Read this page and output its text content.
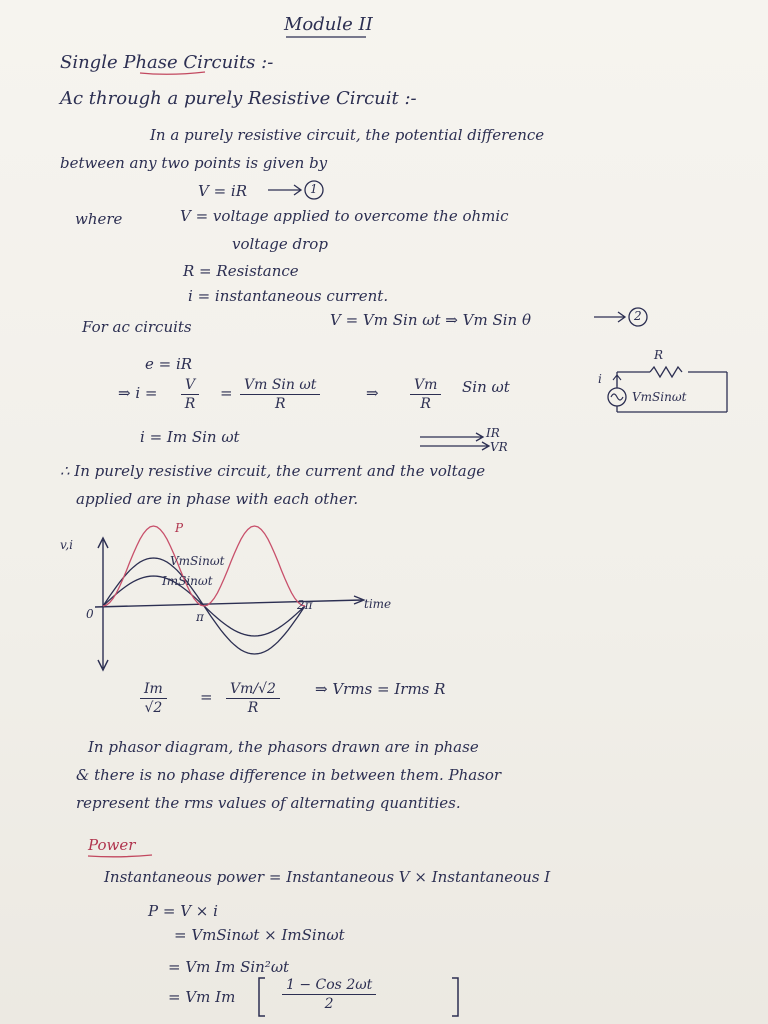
Module II
Single Phase Circuits :-
Ac through a purely Resistive Circuit :-
In a purely resistive circuit, the potential difference
between any two points is given by
V = iR	1
where	V = voltage applied to overcome the ohmic
voltage drop
R = Resistance
i = instantaneous current.
For ac circuits	V = Vm Sin ωt ⇒ Vm Sin θ	2
e = iR
⇒ $i = \frac{V}{R} = Vm$ Sin ωt
R
⇒ $\frac{Vm}{R}$ Sin ωt
R
i
VmSinωt
i = Im Sin ωt	IR
VR
∴ In purely resistive circuit, the current and the voltage
applied are in phase with each other.
v,i
P
VmSinωt
ImSinωt
0	π
2π	time
$\frac{Im}{√2} = \frac{Vm/√2}{R}$ ⇒ Vrms = Irms R
In phasor diagram, the phasors drawn are in phase
& there is no phase difference in between them. Phasor
represent the rms values of alternating quantities.
Power
Instantaneous power = Instantaneous V × Instantaneous I
P = V × i
= VmSinωt × ImSinωt
= Vm Im Sin²ωt
= Vm Im
1 − Cos 2ωt
2
